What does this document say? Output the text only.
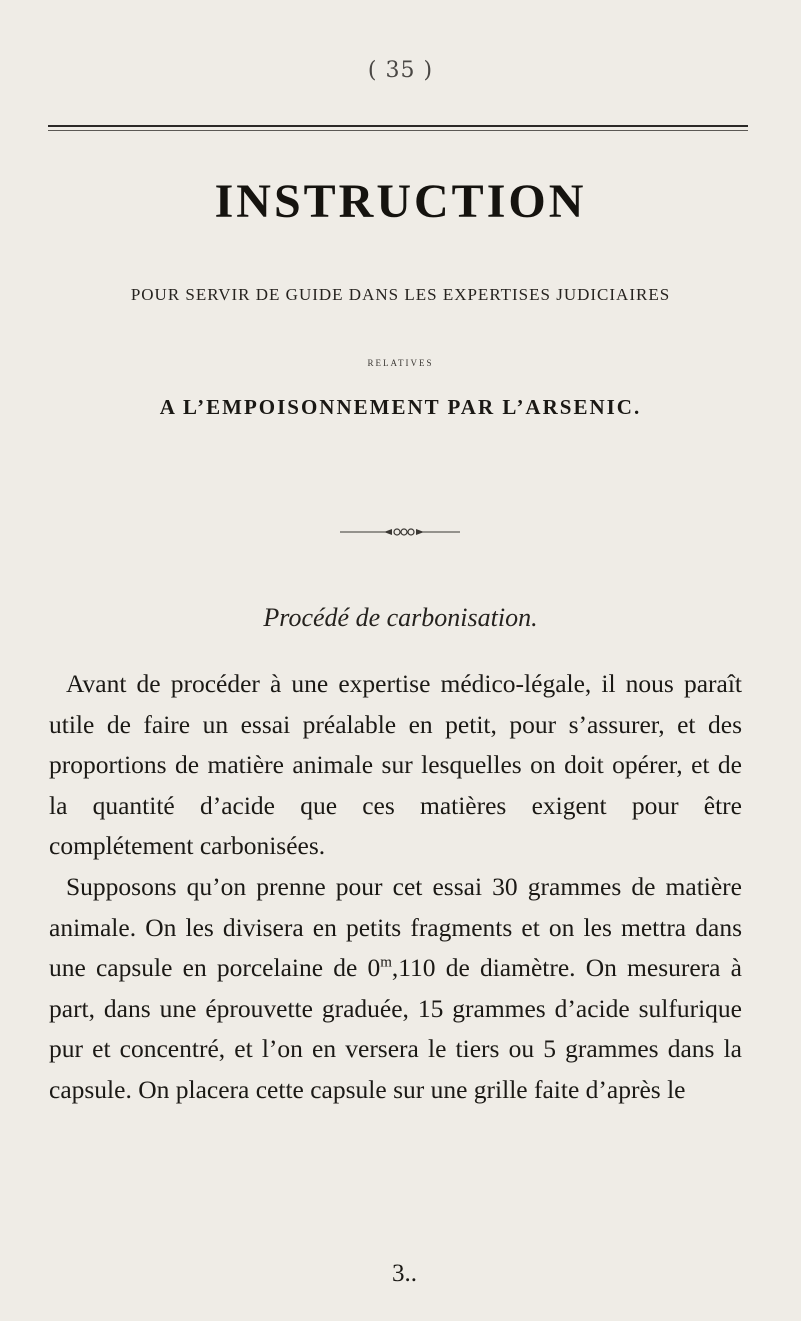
( 35 )
INSTRUCTION
POUR SERVIR DE GUIDE DANS LES EXPERTISES JUDICIAIRES
RELATIVES
A L’EMPOISONNEMENT PAR L’ARSENIC.
Procédé de carbonisation.

Avant de procéder à une expertise médico-légale, il nous paraît utile de faire un essai préalable en petit, pour s’assurer, et des proportions de matière animale sur lesquelles on doit opérer, et de la quantité d’acide que ces matières exigent pour être complétement carbonisées.

Supposons qu’on prenne pour cet essai 30 grammes de matière animale. On les divisera en petits fragments et on les mettra dans une capsule en porcelaine de 0$^m$,110 de diamètre. On mesurera à part, dans une éprouvette graduée, 15 grammes d’acide sulfurique pur et concentré, et l’on en versera le tiers ou 5 grammes dans la capsule. On placera cette capsule sur une grille faite d’après le

3..
